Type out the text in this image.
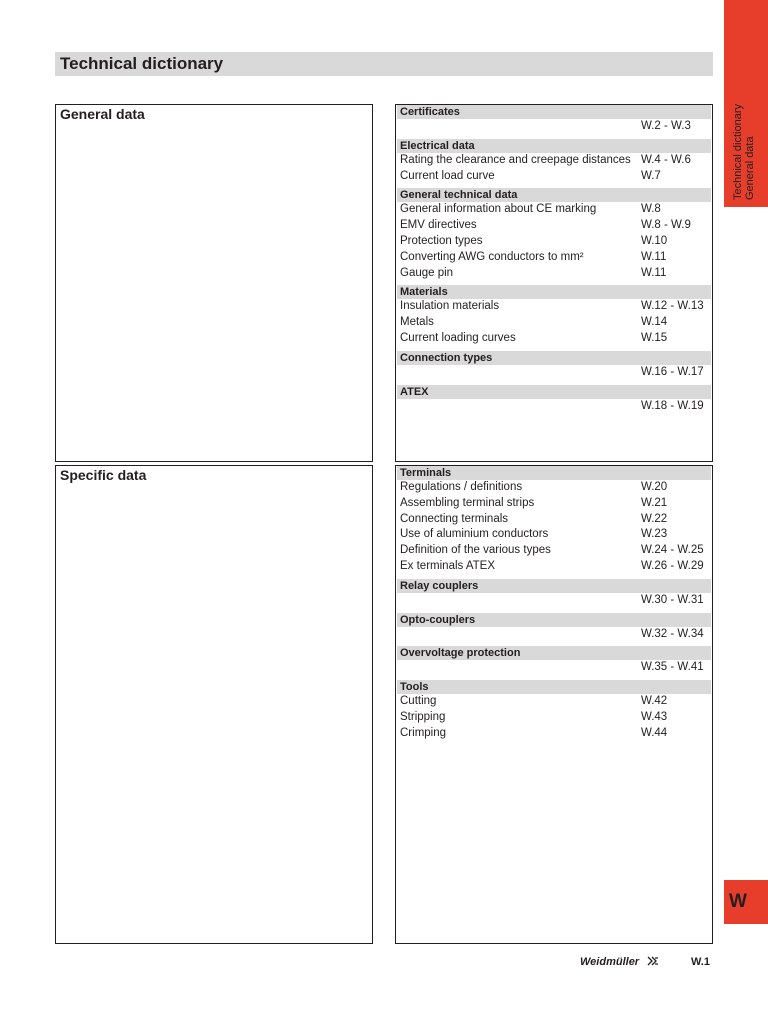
Technical dictionary
Technical dictionary General data
General data	Certificates
W.2 - W.3
Electrical data
Rating the clearance and creepage distances W.4 - W.6
Current load curve	W.7
General technical data
General information about CE marking	W.8
EMV directives	W.8 - W.9
Protection types	W.10
Converting AWG conductors to mm²	W.11
Gauge pin	W.11
Materials
Insulation materials	W.12 - W.13
Metals	W.14
Current loading curves	W.15
Connection types
W.16 - W.17
ATEX
W.18 - W.19
Specific data	Terminals
Regulations / definitions	W.20
Assembling terminal strips	W.21
Connecting terminals	W.22
Use of aluminium conductors	W.23
Definition of the various types	W.24 - W.25
Ex terminals ATEX	W.26 - W.29
Relay couplers
W.30 - W.31
Opto-couplers
W.32 - W.34
Overvoltage protection
W.35 - W.41
Tools
Cutting	W.42
Stripping	W.43
Crimping	W.44
W
Weidmüller	W.1
